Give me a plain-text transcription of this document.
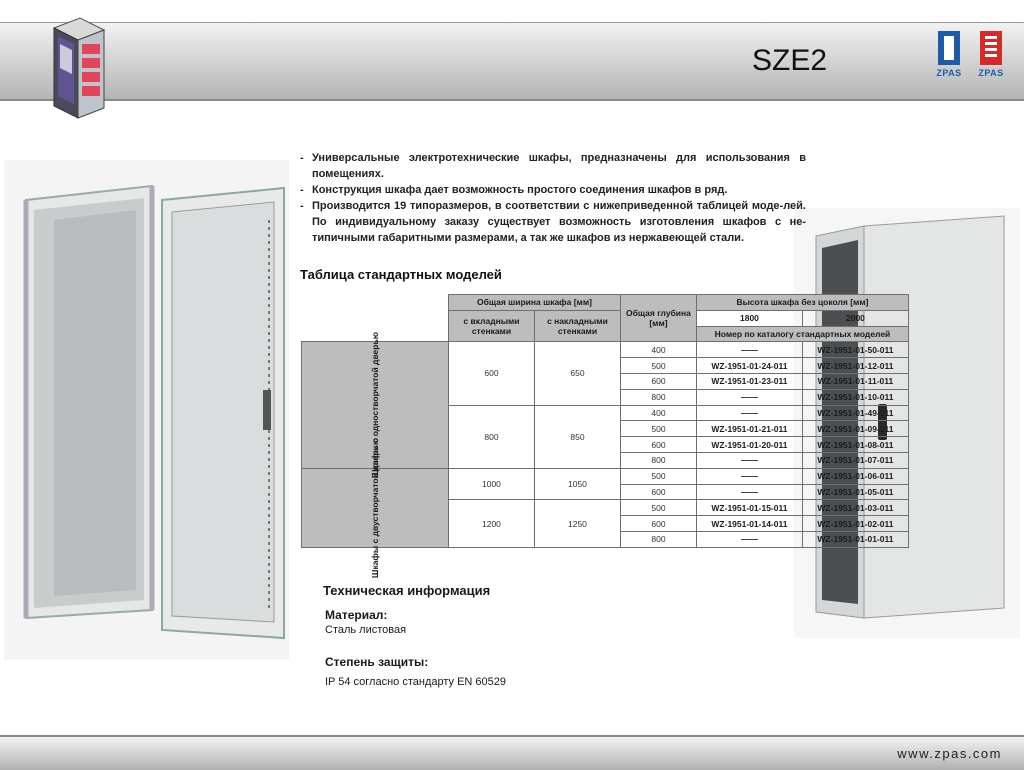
SZE2	ZPAS	ZPAS
- Универсальные электротехнические шкафы, предназначены для использования в помещениях.
- Конструкция шкафа дает возможность простого соединения шкафов в ряд.
- Производится 19 типоразмеров, в соответствии с нижеприведенной таблицей моде-лей. По индивидуальному заказу существует возможность изготовления шкафов с не-типичными габаритными размерами, а так же шкафов из нержавеющей стали.
Таблица стандартных моделей
	Общая ширина шкафа [мм]		Общая глубина [мм]	Высота шкафа без цоколя [мм]	
	с вкладными стенками	с накладными стенками		1800	2000
				Номер по каталогу стандартных моделей	
Шкафы с одностворчатой дверью	600	650	400	——	WZ-1951-01-50-011
			500	WZ-1951-01-24-011	WZ-1951-01-12-011
			600	WZ-1951-01-23-011	WZ-1951-01-11-011
			800	——	WZ-1951-01-10-011
	800	850	400	——	WZ-1951-01-49-011
			500	WZ-1951-01-21-011	WZ-1951-01-09-011
			600	WZ-1951-01-20-011	WZ-1951-01-08-011
			800	——	WZ-1951-01-07-011
Шкафы с двустворчатой дверью	1000	1050	500	——	WZ-1951-01-06-011
			600	——	WZ-1951-01-05-011
	1200	1250	500	WZ-1951-01-15-011	WZ-1951-01-03-011
			600	WZ-1951-01-14-011	WZ-1951-01-02-011
			800	——	WZ-1951-01-01-011
Техническая информация
Материал:
Сталь листовая
Степень защиты:
IP 54 согласно стандарту EN 60529
www.zpas.com
